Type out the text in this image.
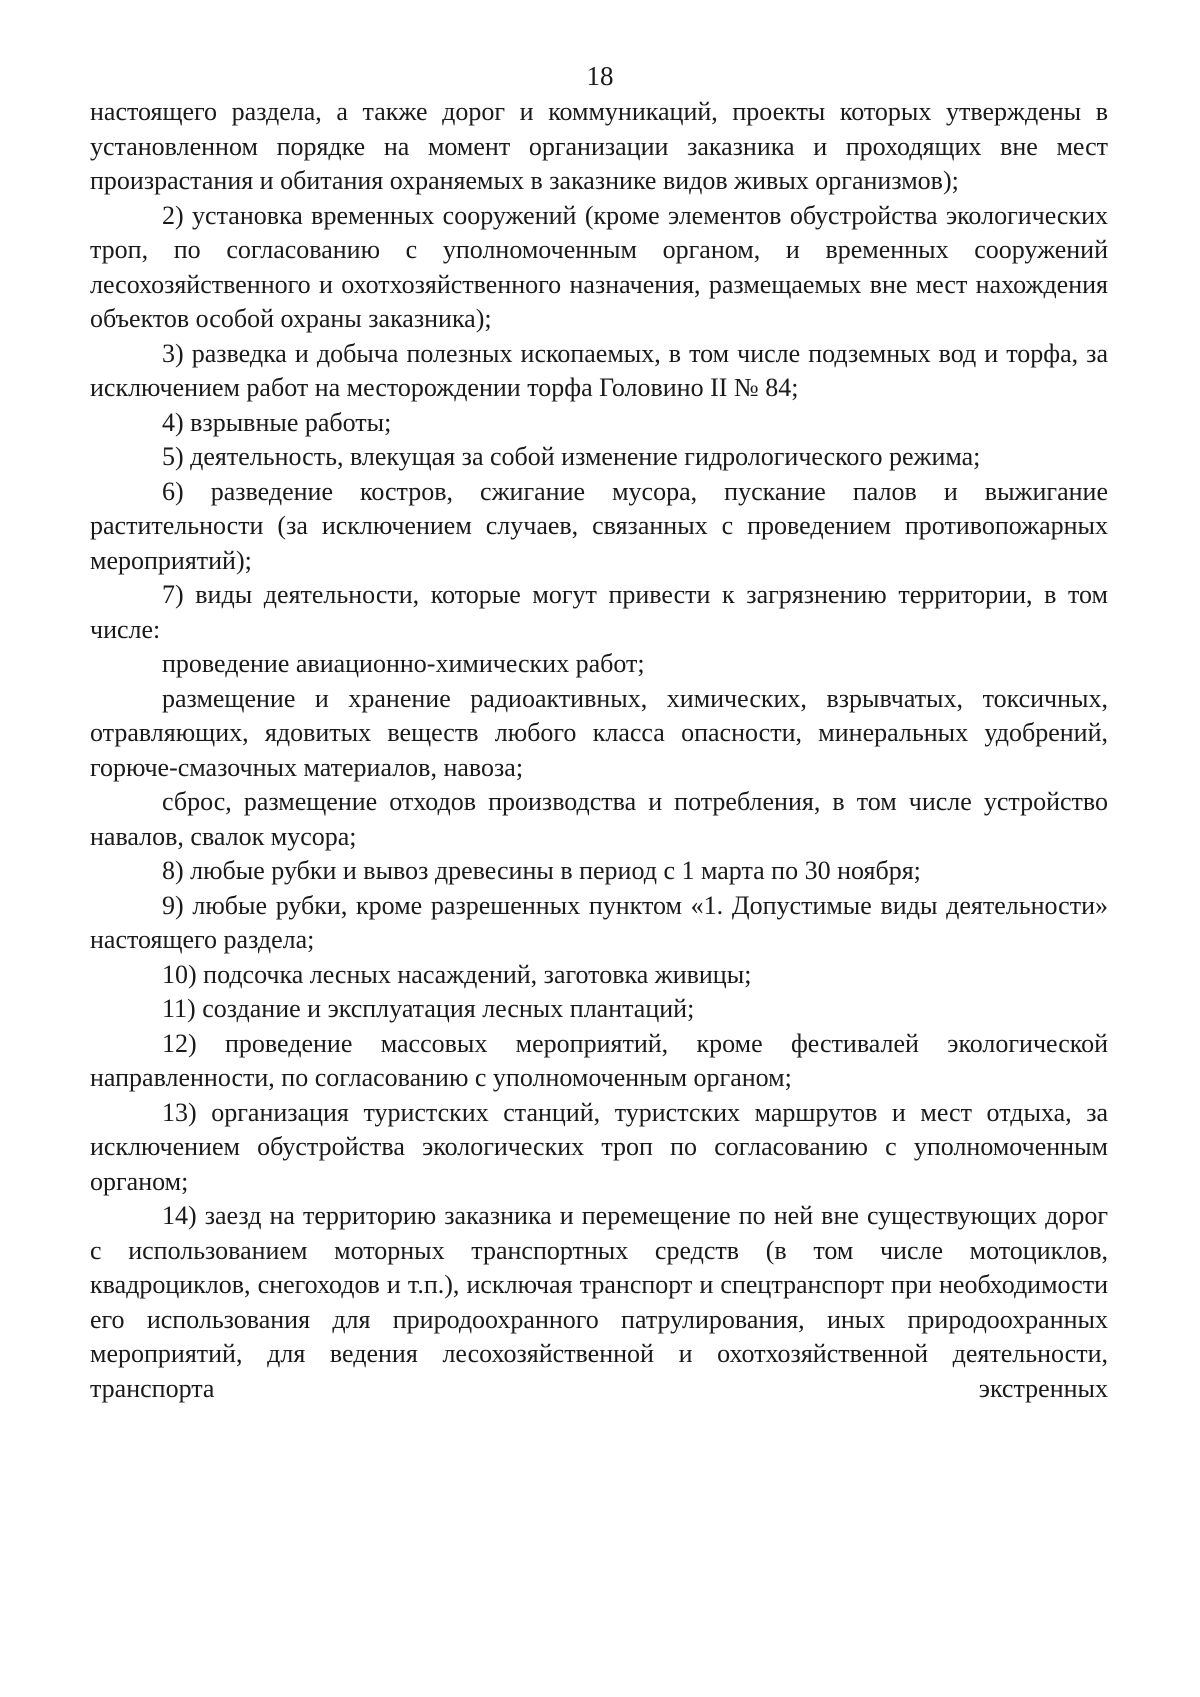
18

настоящего раздела, а также дорог и коммуникаций, проекты которых утверждены в установленном порядке на момент организации заказника и проходящих вне мест произрастания и обитания охраняемых в заказнике видов живых организмов);

2) установка временных сооружений (кроме элементов обустройства экологических троп, по согласованию с уполномоченным органом, и временных сооружений лесохозяйственного и охотхозяйственного назначения, размещаемых вне мест нахождения объектов особой охраны заказника);

3) разведка и добыча полезных ископаемых, в том числе подземных вод и торфа, за исключением работ на месторождении торфа Головино II № 84;

4) взрывные работы;

5) деятельность, влекущая за собой изменение гидрологического режима;

6) разведение костров, сжигание мусора, пускание палов и выжигание растительности (за исключением случаев, связанных с проведением противопожарных мероприятий);

7) виды деятельности, которые могут привести к загрязнению территории, в том числе:

проведение авиационно-химических работ;

размещение и хранение радиоактивных, химических, взрывчатых, токсичных, отравляющих, ядовитых веществ любого класса опасности, минеральных удобрений, горюче-смазочных материалов, навоза;

сброс, размещение отходов производства и потребления, в том числе устройство навалов, свалок мусора;

8) любые рубки и вывоз древесины в период с 1 марта по 30 ноября;

9) любые рубки, кроме разрешенных пунктом «1. Допустимые виды деятельности» настоящего раздела;

10) подсочка лесных насаждений, заготовка живицы;

11) создание и эксплуатация лесных плантаций;

12) проведение массовых мероприятий, кроме фестивалей экологической направленности, по согласованию с уполномоченным органом;

13) организация туристских станций, туристских маршрутов и мест отдыха, за исключением обустройства экологических троп по согласованию с уполномоченным органом;

14) заезд на территорию заказника и перемещение по ней вне существующих дорог с использованием моторных транспортных средств (в том числе мотоциклов, квадроциклов, снегоходов и т.п.), исключая транспорт и спецтранспорт при необходимости его использования для природоохранного патрулирования, иных природоохранных мероприятий, для ведения лесохозяйственной и охотхозяйственной деятельности, транспорта экстренных
